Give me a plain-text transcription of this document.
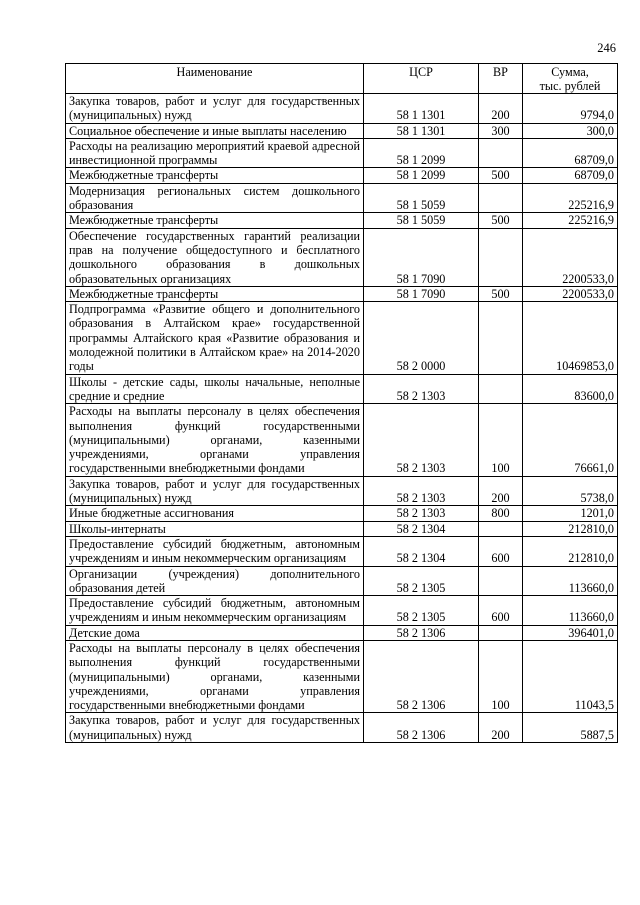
246
Наименование	ЦСР	ВР	Сумма,
тыс. рублей

Закупка товаров, работ и услуг для государственных (муниципальных) нужд	58 1 1301	200	9794,0
Социальное обеспечение и иные выплаты населению	58 1 1301	300	300,0
Расходы на реализацию мероприятий краевой адресной инвестиционной программы	58 1 2099		68709,0
Межбюджетные трансферты	58 1 2099	500	68709,0
Модернизация региональных систем дошкольного образования	58 1 5059		225216,9
Межбюджетные трансферты	58 1 5059	500	225216,9
Обеспечение государственных гарантий реализации прав на получение общедоступного и бесплатного дошкольного образования в дошкольных образовательных организациях	58 1 7090		2200533,0
Межбюджетные трансферты	58 1 7090	500	2200533,0
Подпрограмма «Развитие общего и дополнительного образования в Алтайском крае» государственной программы Алтайского края «Развитие образования и молодежной политики в Алтайском крае» на 2014-2020 годы	58 2 0000		10469853,0
Школы - детские сады, школы начальные, неполные средние и средние	58 2 1303		83600,0
Расходы на выплаты персоналу в целях обеспечения выполнения функций государственными (муниципальными) органами, казенными учреждениями, органами управления государственными внебюджетными фондами	58 2 1303	100	76661,0
Закупка товаров, работ и услуг для государственных (муниципальных) нужд	58 2 1303	200	5738,0
Иные бюджетные ассигнования	58 2 1303	800	1201,0
Школы-интернаты	58 2 1304		212810,0
Предоставление субсидий бюджетным, автономным учреждениям и иным некоммерческим организациям	58 2 1304	600	212810,0
Организации (учреждения) дополнительного образования детей	58 2 1305		113660,0
Предоставление субсидий бюджетным, автономным учреждениям и иным некоммерческим организациям	58 2 1305	600	113660,0
Детские дома	58 2 1306		396401,0
Расходы на выплаты персоналу в целях обеспечения выполнения функций государственными (муниципальными) органами, казенными учреждениями, органами управления государственными внебюджетными фондами	58 2 1306	100	11043,5
Закупка товаров, работ и услуг для государственных (муниципальных) нужд	58 2 1306	200	5887,5
